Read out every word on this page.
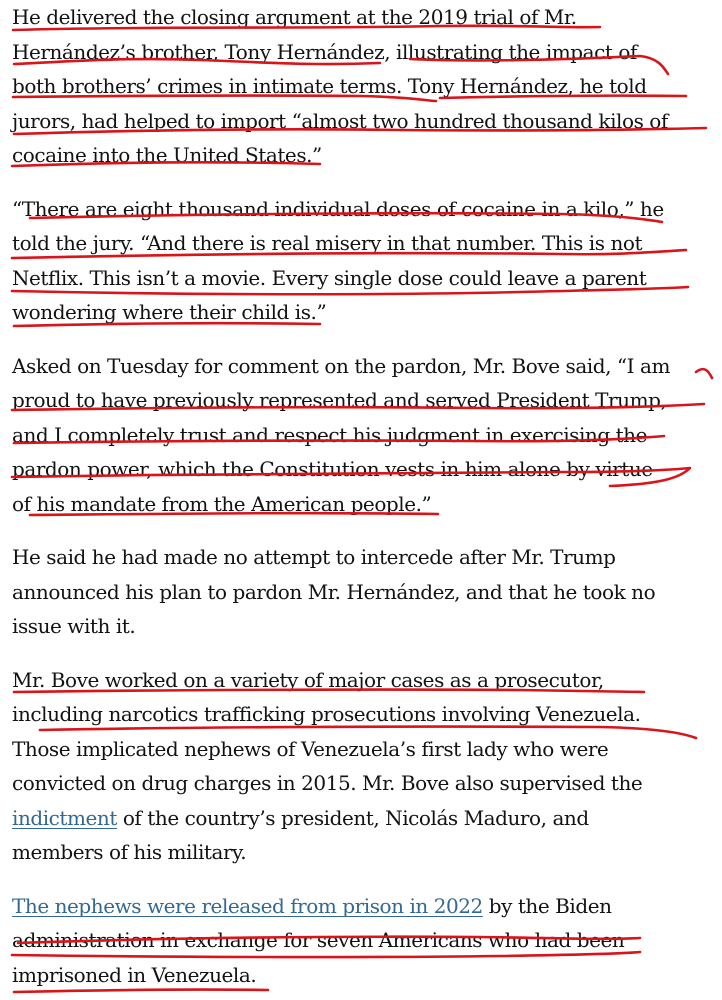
He delivered the closing argument at the 2019 trial of Mr.
Hernández’s brother, Tony Hernández, illustrating the impact of
both brothers’ crimes in intimate terms. Tony Hernández, he told
jurors, had helped to import “almost two hundred thousand kilos of
cocaine into the United States.”

“There are eight thousand individual doses of cocaine in a kilo,” he
told the jury. “And there is real misery in that number. This is not
Netflix. This isn’t a movie. Every single dose could leave a parent
wondering where their child is.”

Asked on Tuesday for comment on the pardon, Mr. Bove said, “I am
proud to have previously represented and served President Trump,
and I completely trust and respect his judgment in exercising the
pardon power, which the Constitution vests in him alone by virtue
of his mandate from the American people.”

He said he had made no attempt to intercede after Mr. Trump
announced his plan to pardon Mr. Hernández, and that he took no
issue with it.

Mr. Bove worked on a variety of major cases as a prosecutor,
including narcotics trafficking prosecutions involving Venezuela.
Those implicated nephews of Venezuela’s first lady who were
convicted on drug charges in 2015. Mr. Bove also supervised the
indictment of the country’s president, Nicolás Maduro, and
members of his military.

The nephews were released from prison in 2022 by the Biden
administration in exchange for seven Americans who had been
imprisoned in Venezuela.
